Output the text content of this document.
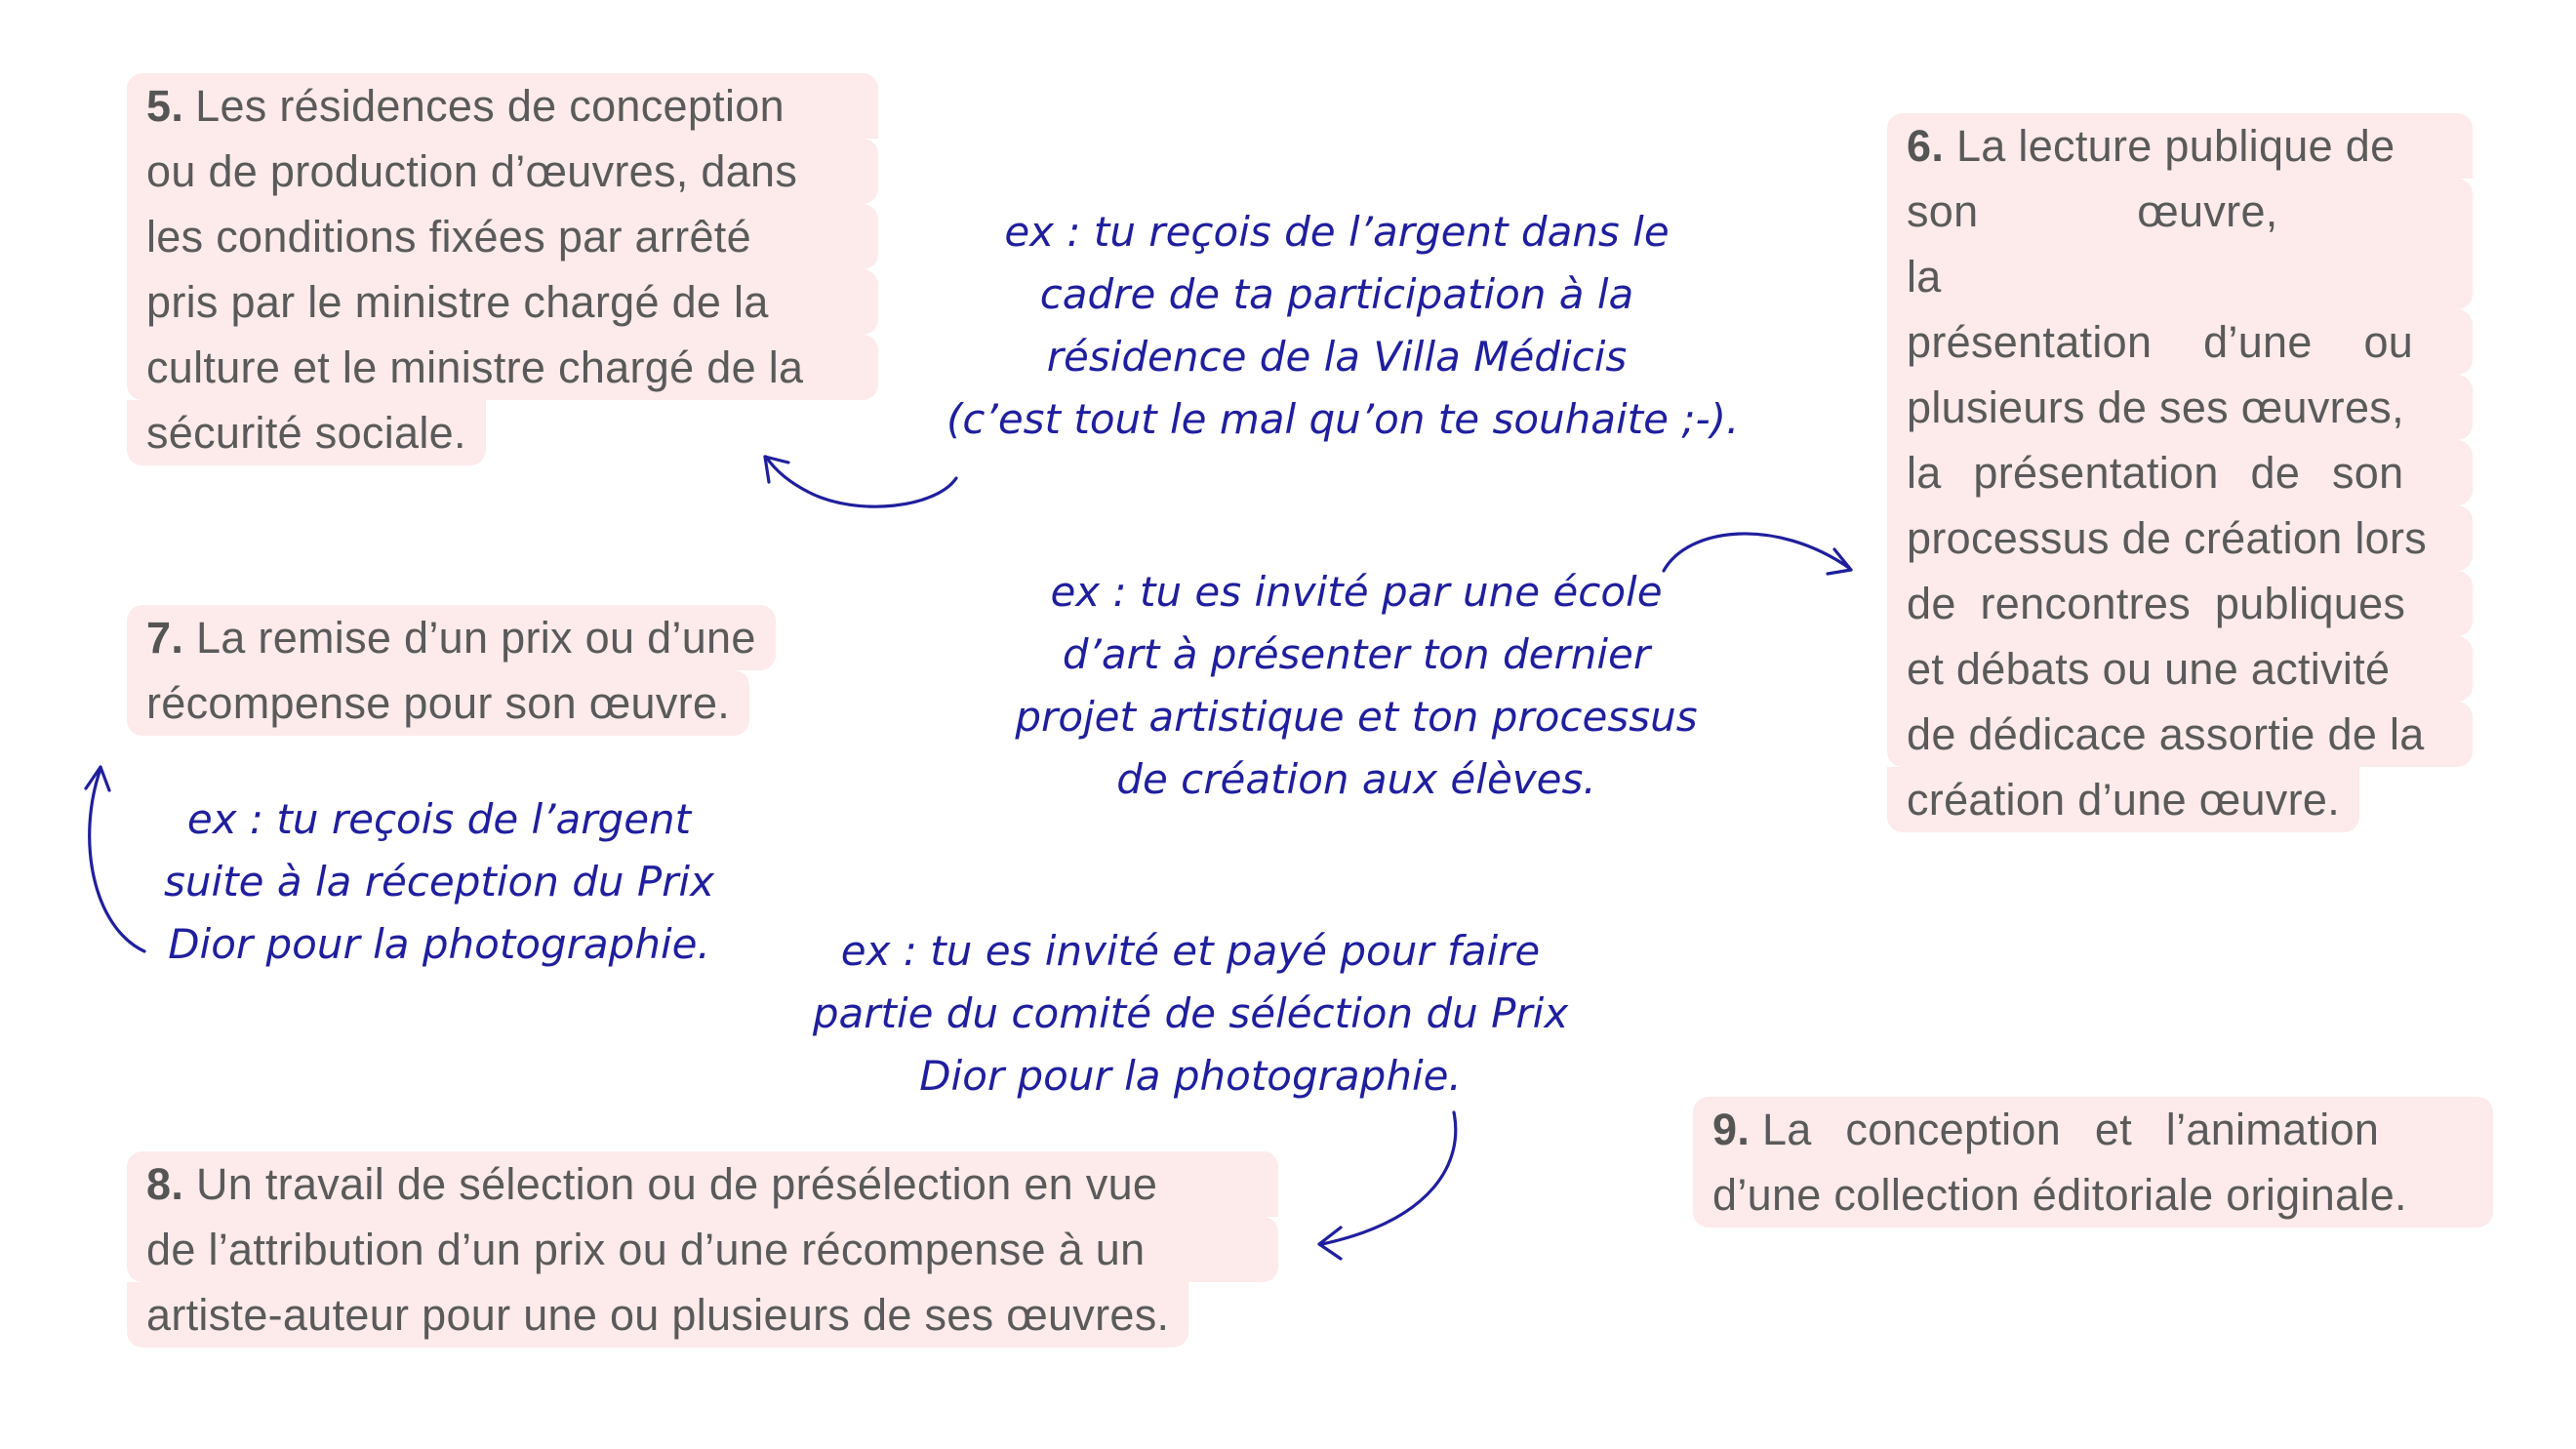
5. Les résidences de conception
ou de production d’œuvres, dans
les conditions fixées par arrêté
pris par le ministre chargé de la
culture et le ministre chargé de la
sécurité sociale.
6. La lecture publique de
son œuvre, la
présentation d’une ou
plusieurs de ses œuvres,
la présentation de son
processus de création lors
de rencontres publiques
et débats ou une activité
de dédicace assortie de la
création d’une œuvre.
7. La remise d’un prix ou d’une
récompense pour son œuvre.
8. Un travail de sélection ou de présélection en vue
de l’attribution d’un prix ou d’une récompense à un
artiste-auteur pour une ou plusieurs de ses œuvres.
9. La conception et l’animation
d’une collection éditoriale originale.
ex : tu reçois de l’argent dans le
cadre de ta participation à la
résidence de la Villa Médicis
(c’est tout le mal qu’on te souhaite ;-).
ex : tu es invité par une école
d’art à présenter ton dernier
projet artistique et ton processus
de création aux élèves.
ex : tu reçois de l’argent
suite à la réception du Prix
Dior pour la photographie.	ex : tu es invité et payé pour faire
partie du comité de séléction du Prix
Dior pour la photographie.
